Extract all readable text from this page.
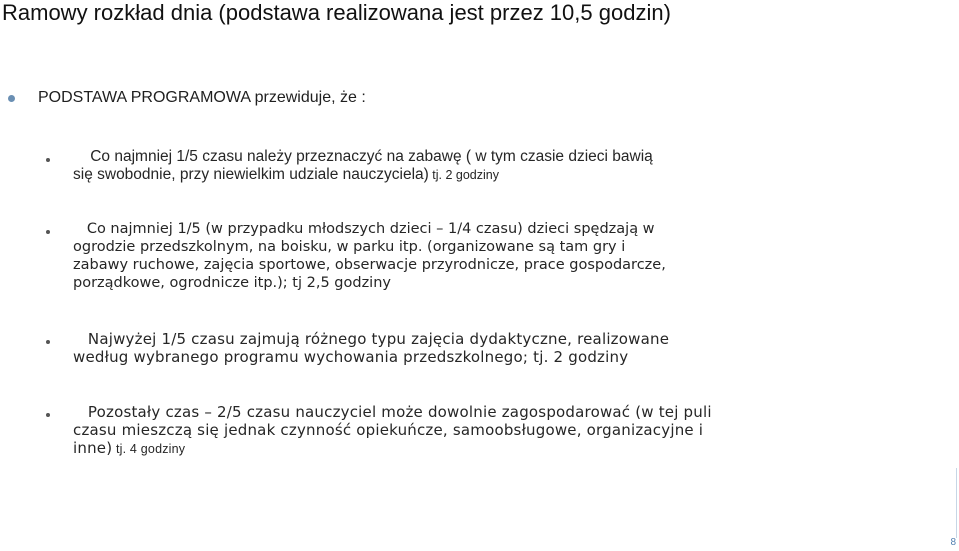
Ramowy rozkład dnia (podstawa realizowana jest przez 10,5 godzin)
PODSTAWA PROGRAMOWA przewiduje, że :
Co najmniej 1/5 czasu należy przeznaczyć na zabawę ( w tym czasie dzieci bawią
się swobodnie, przy niewielkim udziale nauczyciela) tj. 2 godziny
Co najmniej 1/5 (w przypadku młodszych dzieci – 1/4 czasu) dzieci spędzają w
ogrodzie przedszkolnym, na boisku, w parku itp. (organizowane są tam gry i
zabawy ruchowe, zajęcia sportowe, obserwacje przyrodnicze, prace gospodarcze,
porządkowe, ogrodnicze itp.); tj 2,5 godziny
Najwyżej 1/5 czasu zajmują różnego typu zajęcia dydaktyczne, realizowane
według wybranego programu wychowania przedszkolnego; tj. 2 godziny
Pozostały czas – 2/5 czasu nauczyciel może dowolnie zagospodarować (w tej puli
czasu mieszczą się jednak czynność opiekuńcze, samoobsługowe, organizacyjne i
inne) tj. 4 godziny
8
